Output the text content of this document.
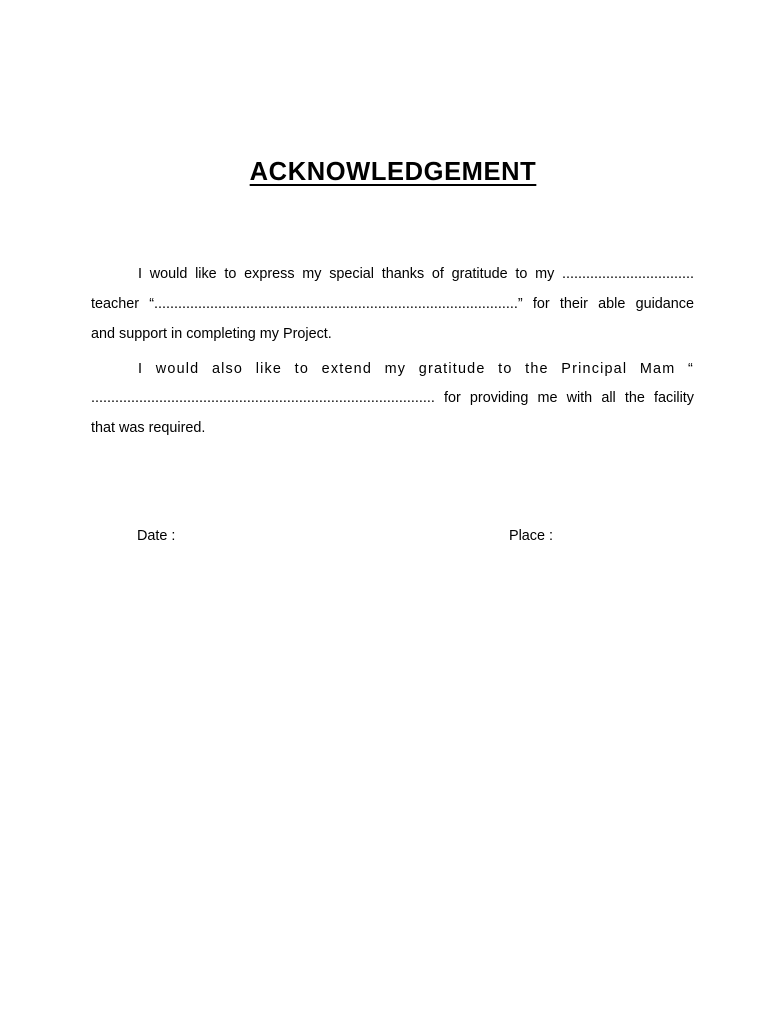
ACKNOWLEDGEMENT
I would like to express my special thanks of gratitude to my .................................
teacher “...........................................................................................” for their able guidance
and support in completing my Project.
I would also like to extend my gratitude to the Principal Mam “
...................................................................................... for providing me with all the facility
that was required.
Date :	Place :
